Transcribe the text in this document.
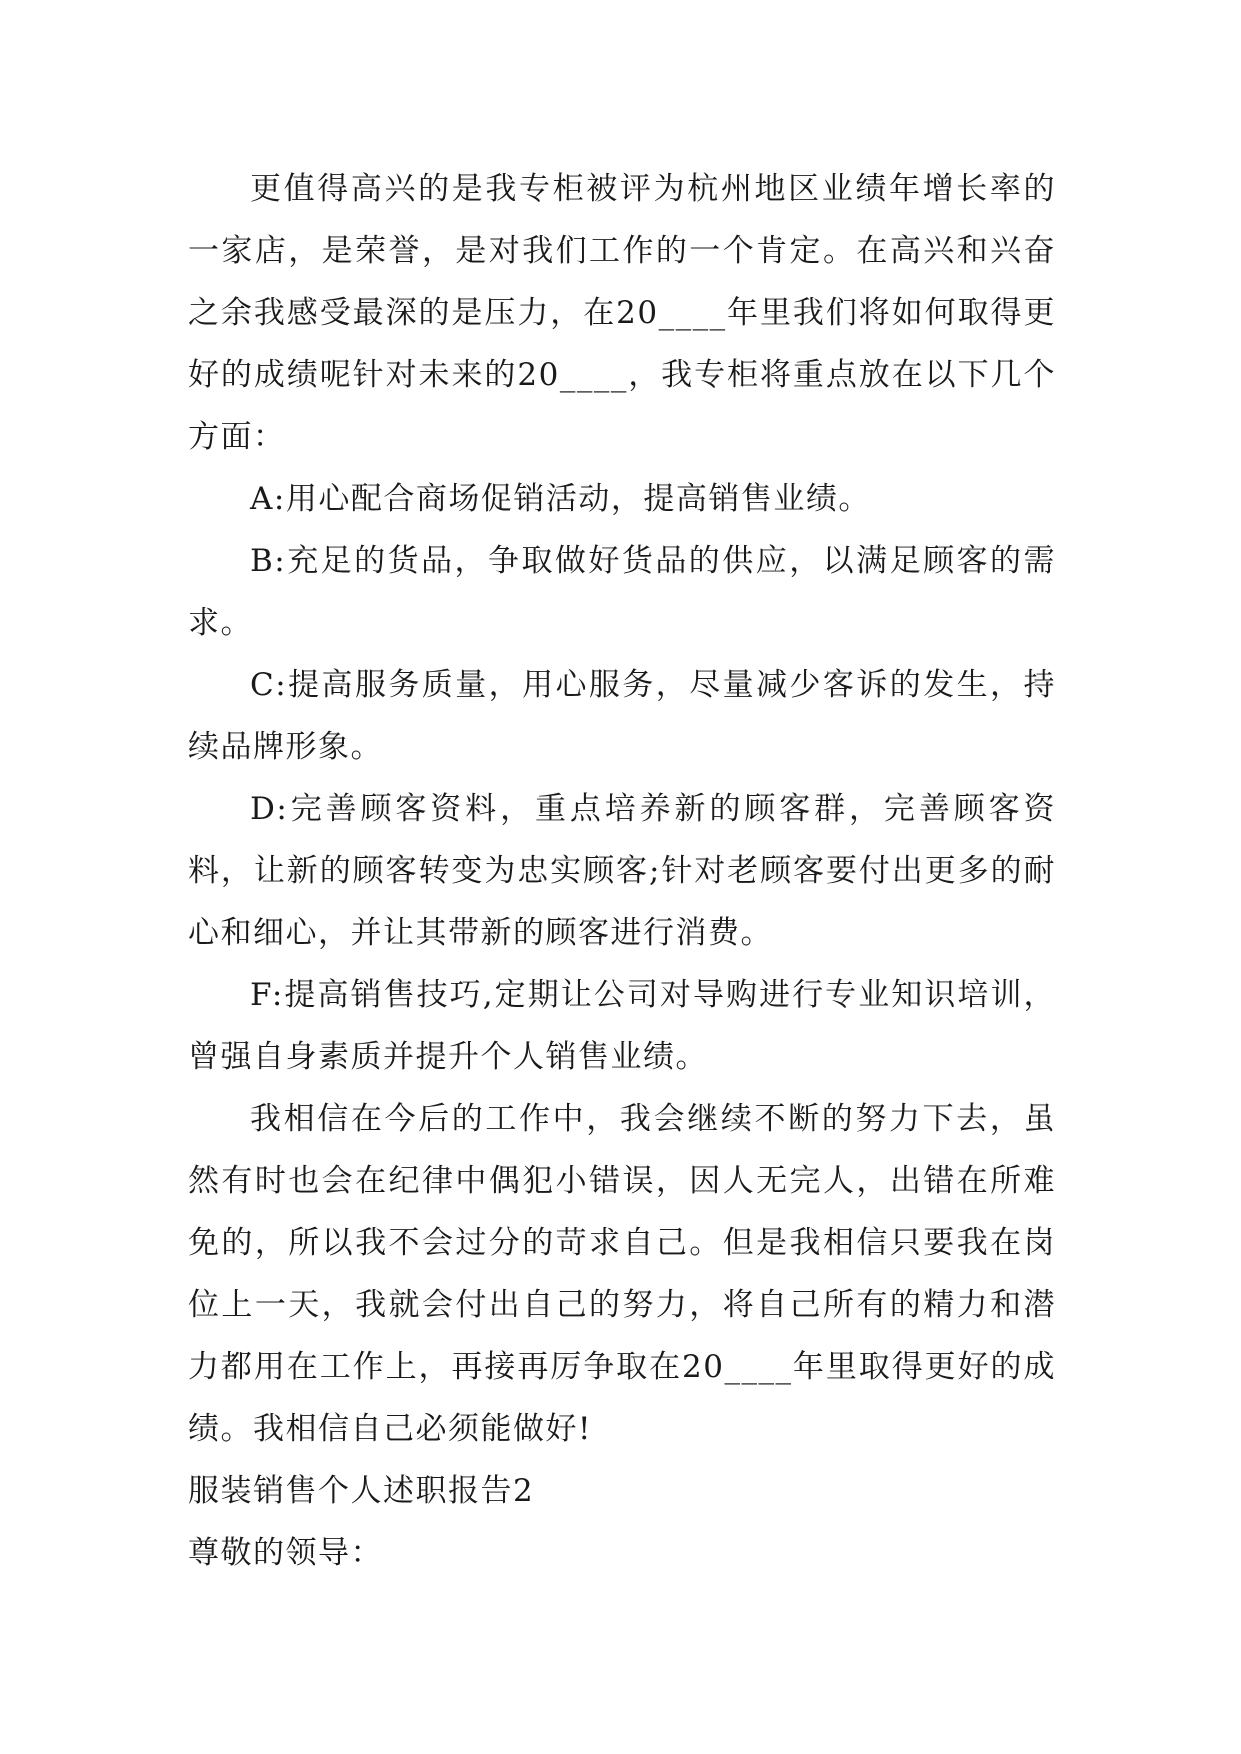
更值得高兴的是我专柜被评为杭州地区业绩年增长率的一家店，是荣誉，是对我们工作的一个肯定。在高兴和兴奋之余我感受最深的是压力，在20____年里我们将如何取得更好的成绩呢针对未来的20____，我专柜将重点放在以下几个方面：

A:用心配合商场促销活动，提高销售业绩。

B:充足的货品，争取做好货品的供应，以满足顾客的需求。

C:提高服务质量，用心服务，尽量减少客诉的发生，持续品牌形象。

D:完善顾客资料，重点培养新的顾客群，完善顾客资料，让新的顾客转变为忠实顾客;针对老顾客要付出更多的耐心和细心，并让其带新的顾客进行消费。

F:提高销售技巧,定期让公司对导购进行专业知识培训，曾强自身素质并提升个人销售业绩。

我相信在今后的工作中，我会继续不断的努力下去，虽然有时也会在纪律中偶犯小错误，因人无完人，出错在所难免的，所以我不会过分的苛求自己。但是我相信只要我在岗位上一天，我就会付出自己的努力，将自己所有的精力和潜力都用在工作上，再接再厉争取在20____年里取得更好的成绩。我相信自己必须能做好!

服装销售个人述职报告2

尊敬的领导：
